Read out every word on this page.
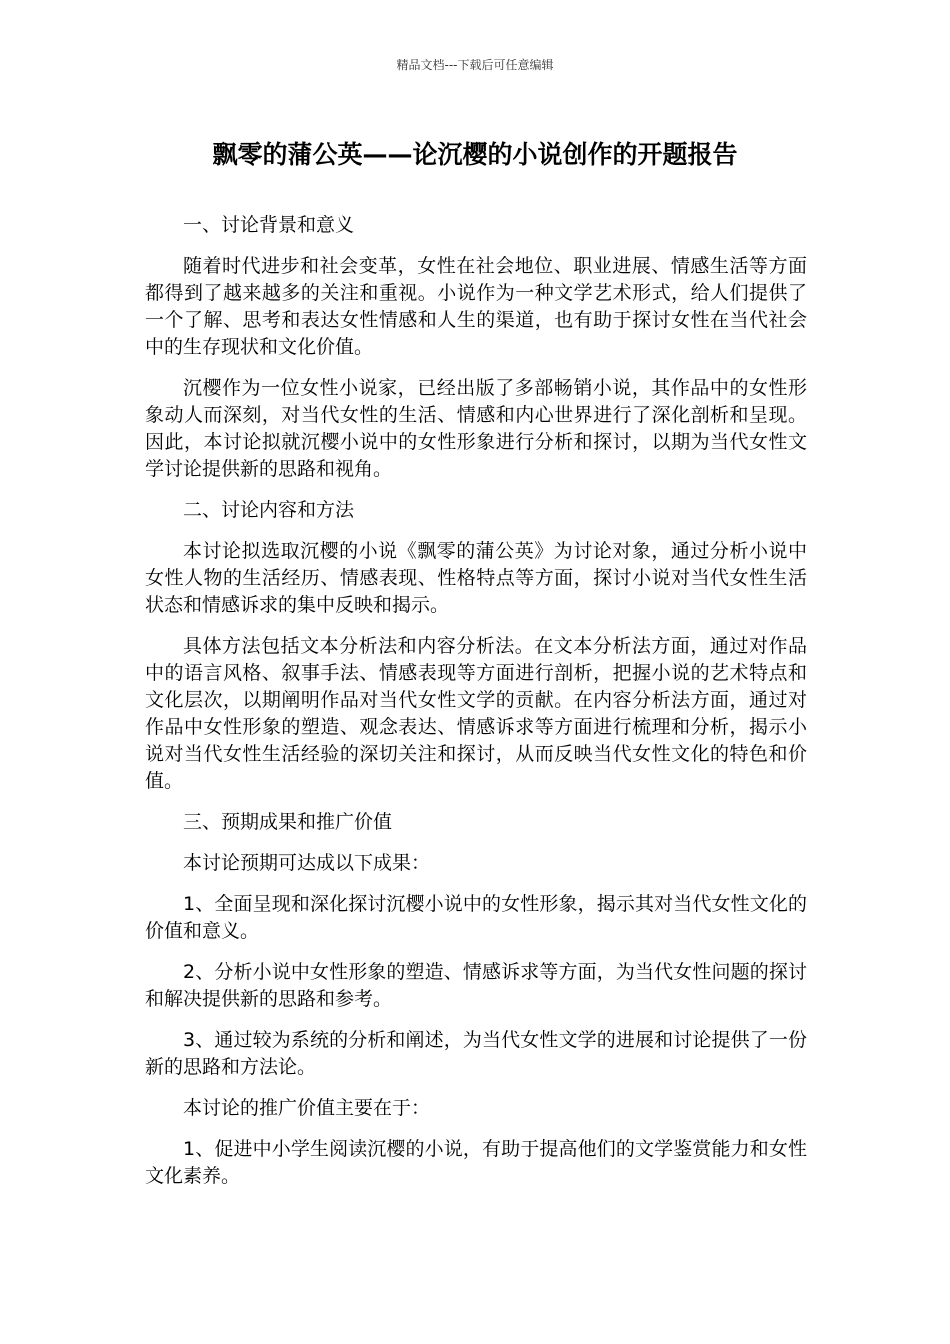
精品文档---下载后可任意编辑
飘零的蒲公英——论沉樱的小说创作的开题报告

一、讨论背景和意义

随着时代进步和社会变革，女性在社会地位、职业进展、情感生活等方面都得到了越来越多的关注和重视。小说作为一种文学艺术形式，给人们提供了一个了解、思考和表达女性情感和人生的渠道，也有助于探讨女性在当代社会中的生存现状和文化价值。

沉樱作为一位女性小说家，已经出版了多部畅销小说，其作品中的女性形象动人而深刻，对当代女性的生活、情感和内心世界进行了深化剖析和呈现。因此，本讨论拟就沉樱小说中的女性形象进行分析和探讨，以期为当代女性文学讨论提供新的思路和视角。

二、讨论内容和方法

本讨论拟选取沉樱的小说《飘零的蒲公英》为讨论对象，通过分析小说中女性人物的生活经历、情感表现、性格特点等方面，探讨小说对当代女性生活状态和情感诉求的集中反映和揭示。

具体方法包括文本分析法和内容分析法。在文本分析法方面，通过对作品中的语言风格、叙事手法、情感表现等方面进行剖析，把握小说的艺术特点和文化层次，以期阐明作品对当代女性文学的贡献。在内容分析法方面，通过对作品中女性形象的塑造、观念表达、情感诉求等方面进行梳理和分析，揭示小说对当代女性生活经验的深切关注和探讨，从而反映当代女性文化的特色和价值。

三、预期成果和推广价值

本讨论预期可达成以下成果：

1、全面呈现和深化探讨沉樱小说中的女性形象，揭示其对当代女性文化的价值和意义。

2、分析小说中女性形象的塑造、情感诉求等方面，为当代女性问题的探讨和解决提供新的思路和参考。

3、通过较为系统的分析和阐述，为当代女性文学的进展和讨论提供了一份新的思路和方法论。

本讨论的推广价值主要在于：

1、促进中小学生阅读沉樱的小说，有助于提高他们的文学鉴赏能力和女性文化素养。
